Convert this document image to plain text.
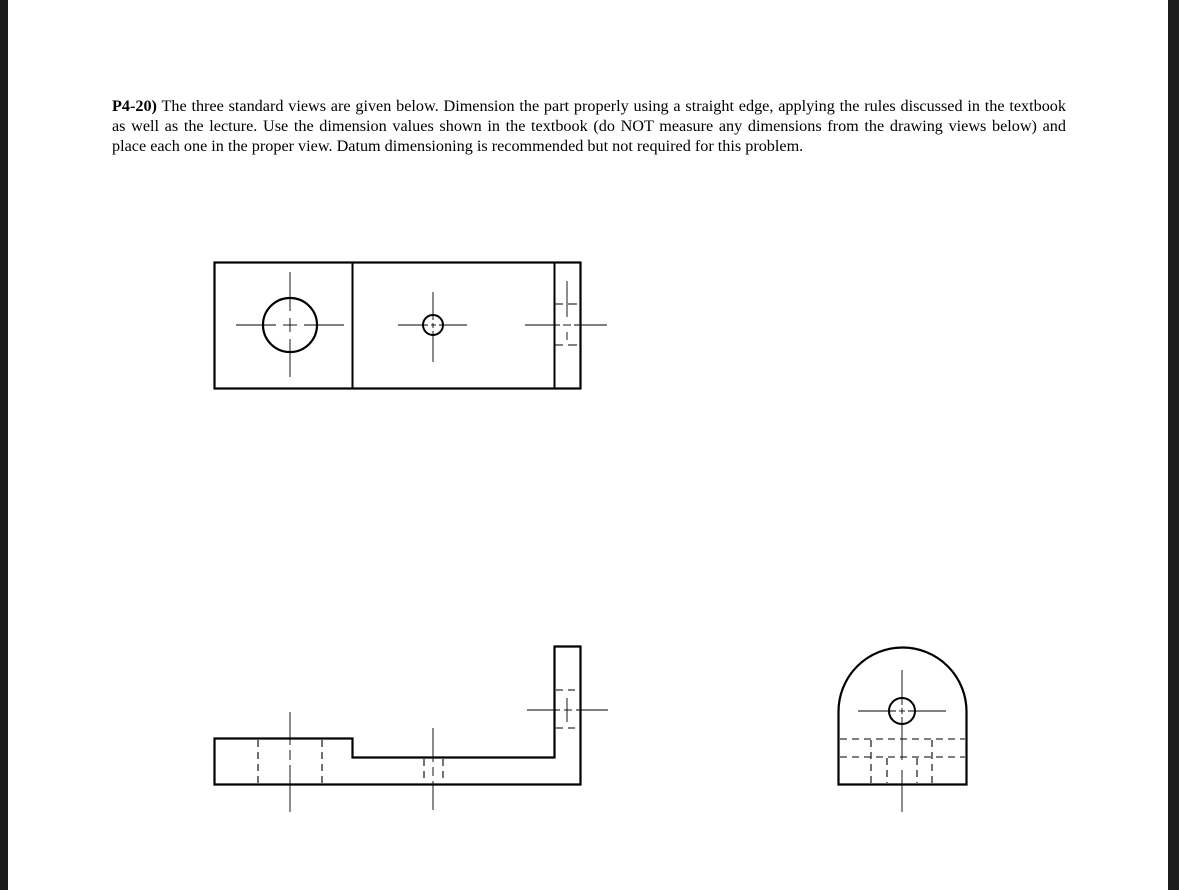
P4-20) The three standard views are given below. Dimension the part properly using a straight edge, applying the rules discussed in the textbook as well as the lecture. Use the dimension values shown in the textbook (do NOT measure any dimensions from the drawing views below) and place each one in the proper view. Datum dimensioning is recommended but not required for this problem.
